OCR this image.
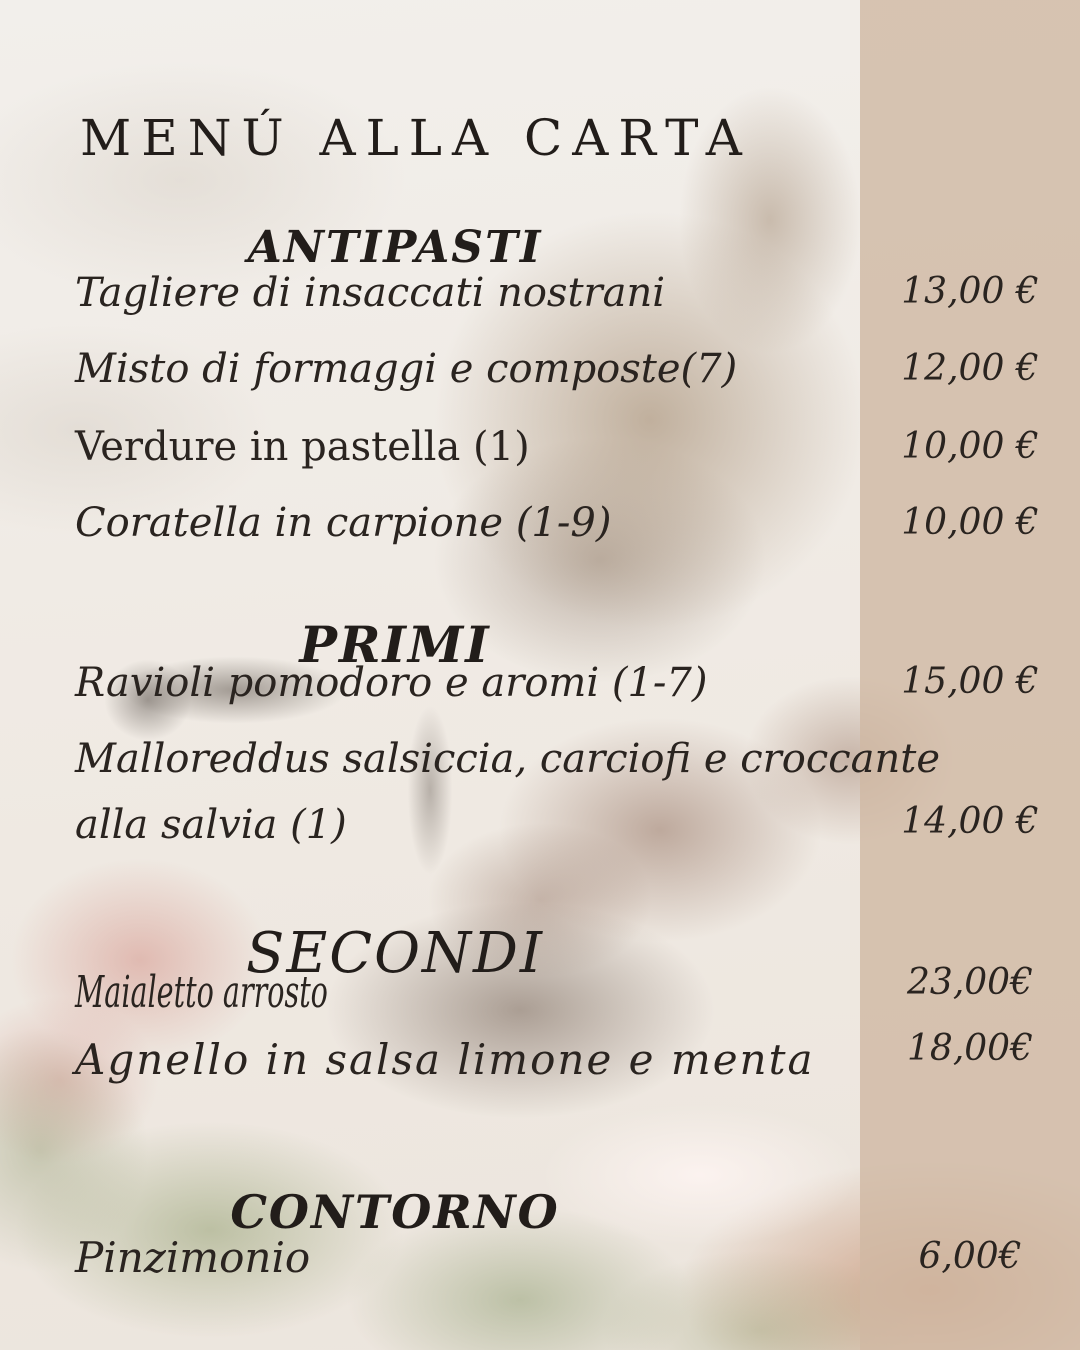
MENÚ ALLA CARTA
ANTIPASTI
Tagliere di insaccati nostrani
Misto di formaggi e composte(7)
Verdure in pastella (1)
Coratella in carpione (1-9)
PRIMI
Ravioli pomodoro e aromi (1-7)
Malloreddus salsiccia, carciofi e croccante
alla salvia (1)
SECONDI
Maialetto arrosto
Agnello in salsa limone e menta
CONTORNO
Pinzimonio
13,00 €
12,00 €
10,00 €
10,00 €
15,00 €
14,00 €
23,00€
18,00€
6,00€
